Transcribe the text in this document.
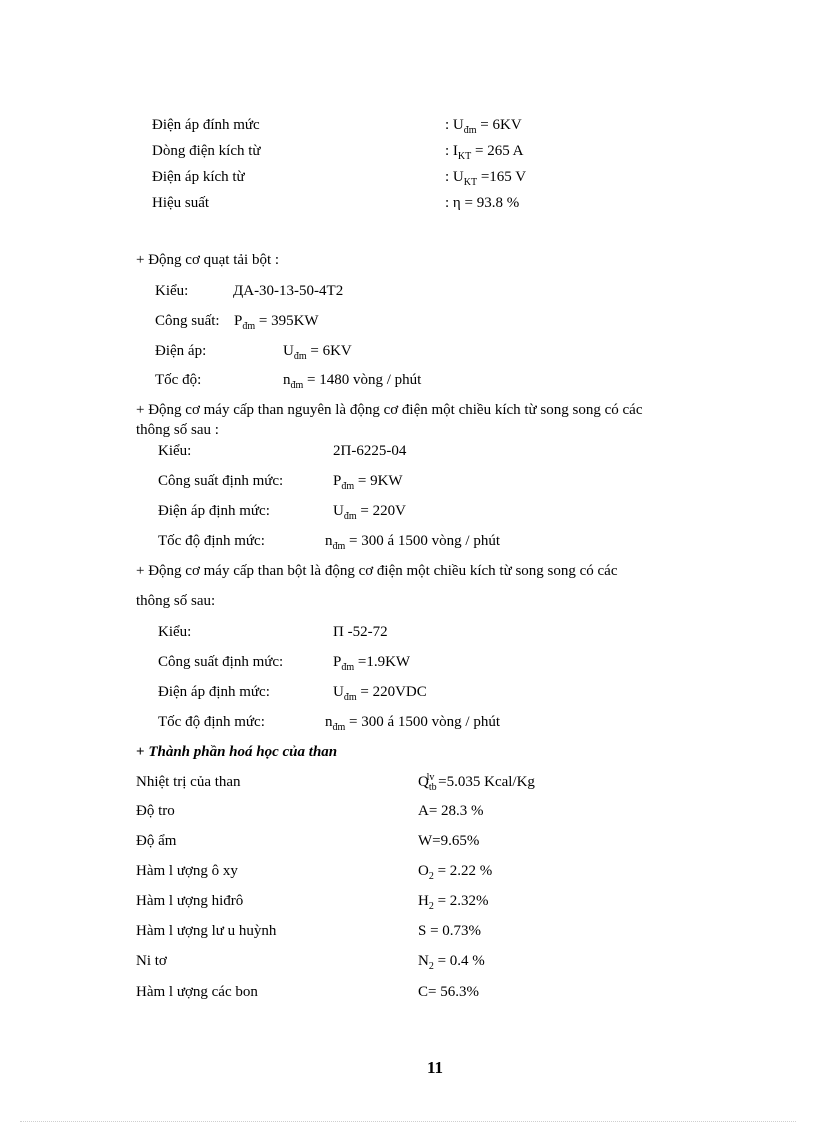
Điện áp đính mức	: $U_{đm} = 6KV$
Dòng điện kích từ	: $I_{KT} = 265$ A
Điện áp kích từ	: $U_{KT} =165$ V
Hiệu suất	: η = 93.8 %
+ Động cơ quạt tải bột :
Kiểu:	ДА-30-13-50-4T2
Công suất: $P_{đm} = 395KW$
Điện áp:	$U_{đm} = 6KV$
Tốc độ:	$n_{đm} = 1480$ vòng / phút
+ Động cơ máy cấp than nguyên là động cơ điện một chiều kích từ song song có các
thông số sau :
Kiểu:	2П-6225-04
Công suất định mức:	$P_{đm} = 9KW$
Điện áp định mức:	$U_{đm} = 220V$
Tốc độ định mức:	$n_{đm} = 300$ á 1500 vòng / phút
+ Động cơ máy cấp than bột là động cơ điện một chiều kích từ song song có các
thông số sau:
Kiểu:	П -52-72
Công suất định mức:	$P_{đm} =1.9KW$
Điện áp định mức:	$U_{đm} = 220VDC$
Tốc độ định mức:	$n_{đm} = 300$ á 1500 vòng / phút
+ Thành phần hoá học của than
Nhiệt trị của than	$Q_{tb}^{lv} =5.035$ Kcal/Kg
Độ tro	A= 28.3 %
Độ ẩm	W=9.65%
Hàm l ượng ô xy	$O_2 = 2.22$ %
Hàm l ượng hiđrô	$H_2 = 2.32\%$
Hàm l ượng lư u huỳnh	S = 0.73%
Ni tơ	$N_2 = 0.4$ %
Hàm l ượng các bon	C= 56.3%
11
